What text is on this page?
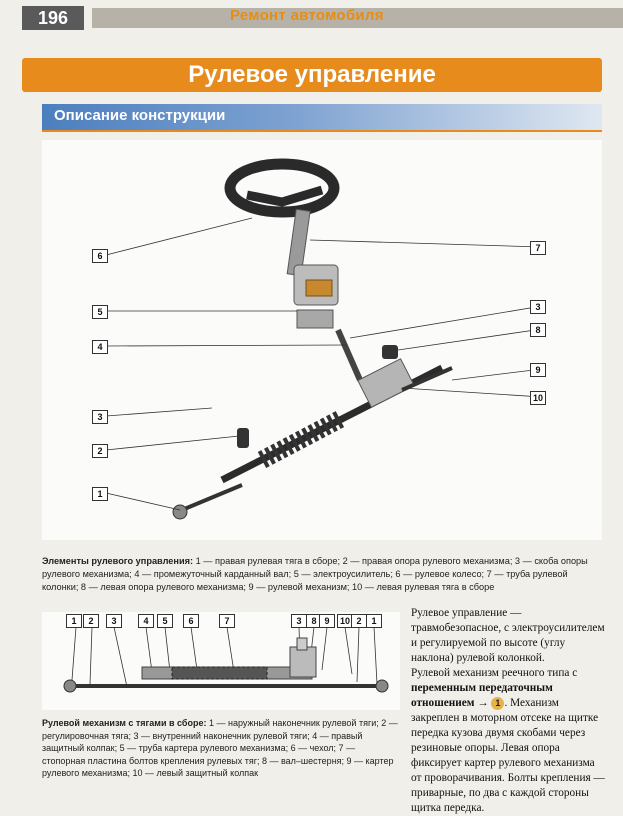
196	Ремонт автомобиля
Рулевое управление
Описание конструкции
6
7
5	3
8
4
9
10
3
2
1
Элементы рулевого управления: 1 — правая рулевая тяга в сборе; 2 — правая опора рулевого механизма; 3 — скоба опоры рулевого механизма; 4 — промежуточный карданный вал; 5 — электроусилитель; 6 — рулевое колесо; 7 — труба рулевой колонки; 8 — левая опора рулевого механизма; 9 — рулевой механизм; 10 — левая рулевая тяга в сборе
1	2	3	4	5	6	7	3	8 9	10 2	1
Рулевой механизм с тягами в сборе: 1 — наружный наконечник рулевой тяги; 2 — регулировочная тяга; 3 — внутренний наконечник рулевой тяги; 4 — правый защитный колпак; 5 — труба картера рулевого механизма; 6 — чехол; 7 — стопорная пластина болтов крепления рулевых тяг; 8 — вал–шестерня; 9 — картер рулевого механизма; 10 — левый защитный колпак

Рулевое управление — травмобезопасное, с электроусилителем и регулируемой по высоте (углу наклона) рулевой колонкой.

Рулевой механизм реечного типа с переменным передаточным отношением → 1 . Механизм закреплен в моторном отсеке на щитке передка кузова двумя скобами через резиновые опоры. Левая опора фиксирует картер рулевого механизма от проворачивания. Болты крепления — приварные, по два с каждой стороны щитка передка.
